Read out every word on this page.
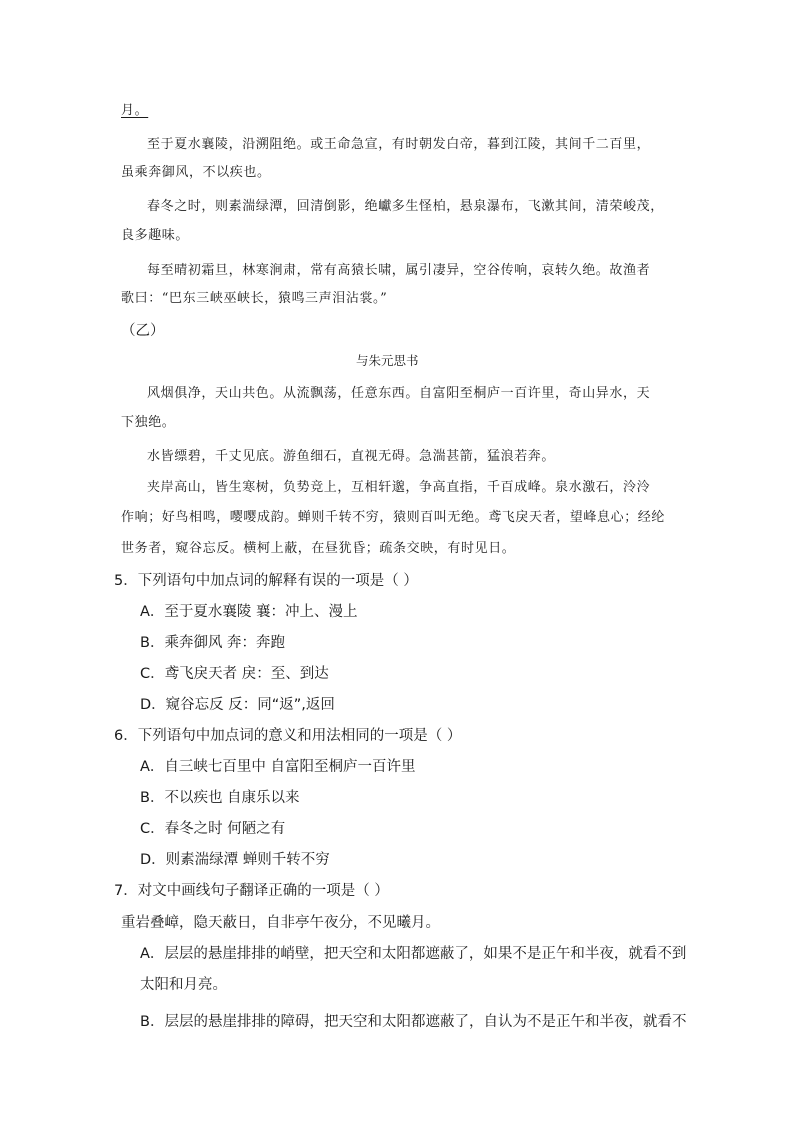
月。
至于夏水襄陵，沿溯阻绝。或王命急宣，有时朝发白帝，暮到江陵，其间千二百里，
虽乘奔御风，不以疾也。
春冬之时，则素湍绿潭，回清倒影，绝巘多生怪柏，悬泉瀑布，飞漱其间，清荣峻茂，
良多趣味。
每至晴初霜旦，林寒涧肃，常有高猿长啸，属引凄异，空谷传响，哀转久绝。故渔者
歌曰：“巴东三峡巫峡长，猿鸣三声泪沾裳。”
（乙）
与朱元思书
风烟俱净，天山共色。从流飘荡，任意东西。自富阳至桐庐一百许里，奇山异水，天
下独绝。
水皆缥碧，千丈见底。游鱼细石，直视无碍。急湍甚箭，猛浪若奔。
夹岸高山，皆生寒树，负势竞上，互相轩邈，争高直指，千百成峰。泉水激石，泠泠
作响；好鸟相鸣，嘤嘤成韵。蝉则千转不穷，猿则百叫无绝。鸢飞戾天者，望峰息心；经纶
世务者，窥谷忘反。横柯上蔽，在昼犹昏；疏条交映，有时见日。
5．下列语句中加点词的解释有误的一项是（ ）
A．至于夏水襄陵 襄：冲上、漫上
B．乘奔御风 奔：奔跑
C．鸢飞戾天者 戾：至、到达
D．窥谷忘反 反：同“返”,返回
6．下列语句中加点词的意义和用法相同的一项是（ ）
A．自三峡七百里中 自富阳至桐庐一百许里
B．不以疾也 自康乐以来
C．春冬之时 何陋之有
D．则素湍绿潭 蝉则千转不穷
7．对文中画线句子翻译正确的一项是（ ）
重岩叠嶂，隐天蔽日，自非亭午夜分，不见曦月。
A．层层的悬崖排排的峭壁，把天空和太阳都遮蔽了，如果不是正午和半夜，就看不到
太阳和月亮。
B．层层的悬崖排排的障碍，把天空和太阳都遮蔽了，自认为不是正午和半夜，就看不
